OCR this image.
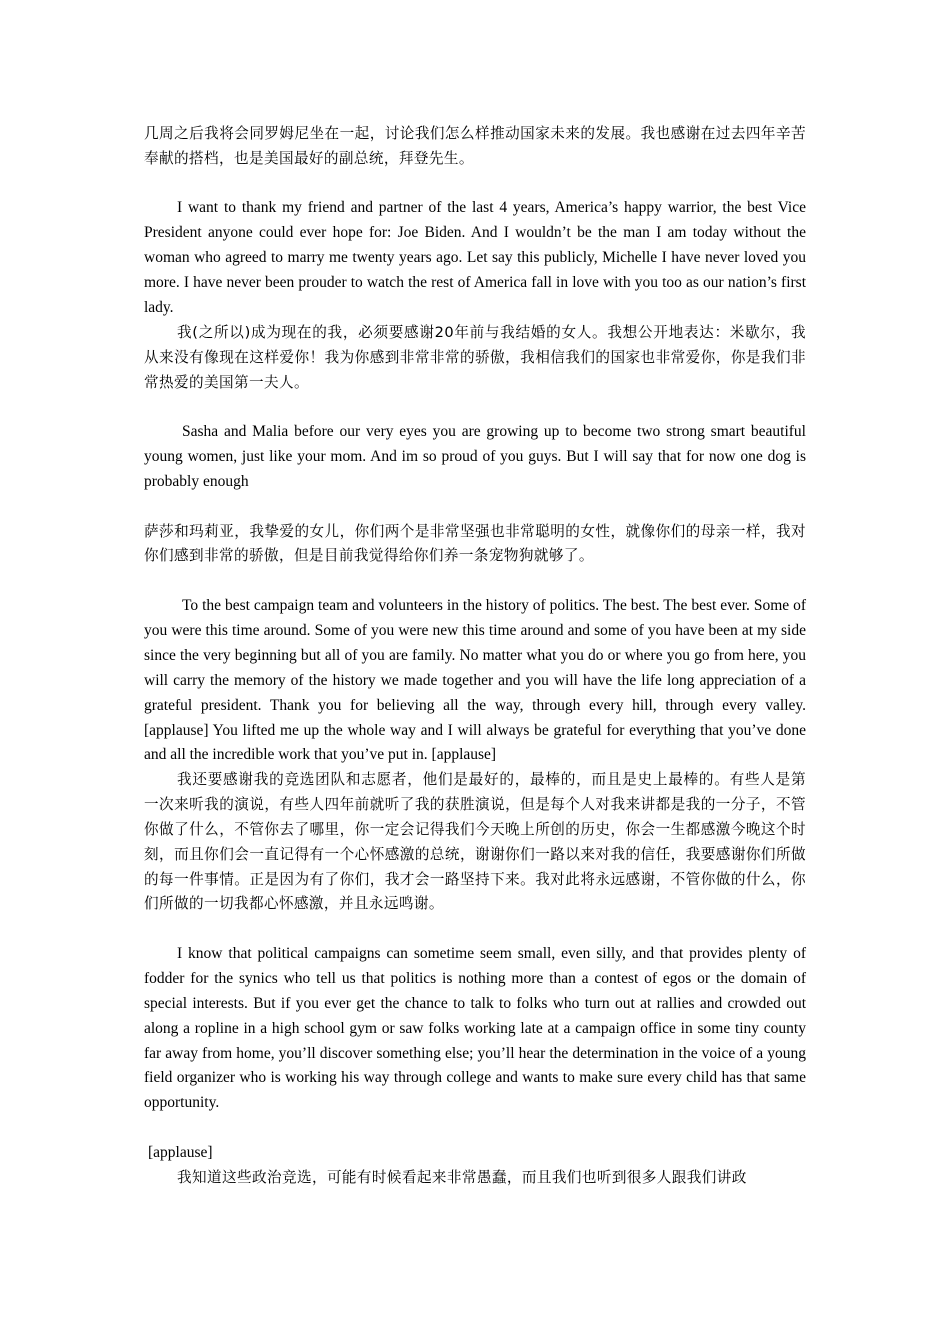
几周之后我将会同罗姆尼坐在一起，讨论我们怎么样推动国家未来的发展。我也感谢在过去四年辛苦奉献的搭档，也是美国最好的副总统，拜登先生。

I want to thank my friend and partner of the last 4 years, America’s happy warrior, the best Vice President anyone could ever hope for: Joe Biden. And I wouldn’t be the man I am today without the woman who agreed to marry me twenty years ago. Let say this publicly, Michelle I have never loved you more. I have never been prouder to watch the rest of America fall in love with you too as our nation’s first lady.

我(之所以)成为现在的我，必须要感谢20年前与我结婚的女人。我想公开地表达：米歇尔，我从来没有像现在这样爱你！我为你感到非常非常的骄傲，我相信我们的国家也非常爱你，你是我们非常热爱的美国第一夫人。

Sasha and Malia before our very eyes you are growing up to become two strong smart beautiful young women, just like your mom. And im so proud of you guys. But I will say that for now one dog is probably enough

萨莎和玛莉亚，我挚爱的女儿，你们两个是非常坚强也非常聪明的女性，就像你们的母亲一样，我对你们感到非常的骄傲，但是目前我觉得给你们养一条宠物狗就够了。

To the best campaign team and volunteers in the history of politics. The best. The best ever. Some of you were this time around. Some of you were new this time around and some of you have been at my side since the very beginning but all of you are family. No matter what you do or where you go from here, you will carry the memory of the history we made together and you will have the life long appreciation of a grateful president. Thank you for believing all the way, through every hill, through every valley. [applause] You lifted me up the whole way and I will always be grateful for everything that you’ve done and all the incredible work that you’ve put in. [applause]

我还要感谢我的竞选团队和志愿者，他们是最好的，最棒的，而且是史上最棒的。有些人是第一次来听我的演说，有些人四年前就听了我的获胜演说，但是每个人对我来讲都是我的一分子，不管你做了什么，不管你去了哪里，你一定会记得我们今天晚上所创的历史，你会一生都感激今晚这个时刻，而且你们会一直记得有一个心怀感激的总统，谢谢你们一路以来对我的信任，我要感谢你们所做的每一件事情。正是因为有了你们，我才会一路坚持下来。我对此将永远感谢，不管你做的什么，你们所做的一切我都心怀感激，并且永远鸣谢。

I know that political campaigns can sometime seem small, even silly, and that provides plenty of fodder for the synics who tell us that politics is nothing more than a contest of egos or the domain of special interests. But if you ever get the chance to talk to folks who turn out at rallies and crowded out along a ropline in a high school gym or saw folks working late at a campaign office in some tiny county far away from home, you’ll discover something else; you’ll hear the determination in the voice of a young field organizer who is working his way through college and wants to make sure every child has that same opportunity.

[applause]

我知道这些政治竞选，可能有时候看起来非常愚蠢，而且我们也听到很多人跟我们讲政
